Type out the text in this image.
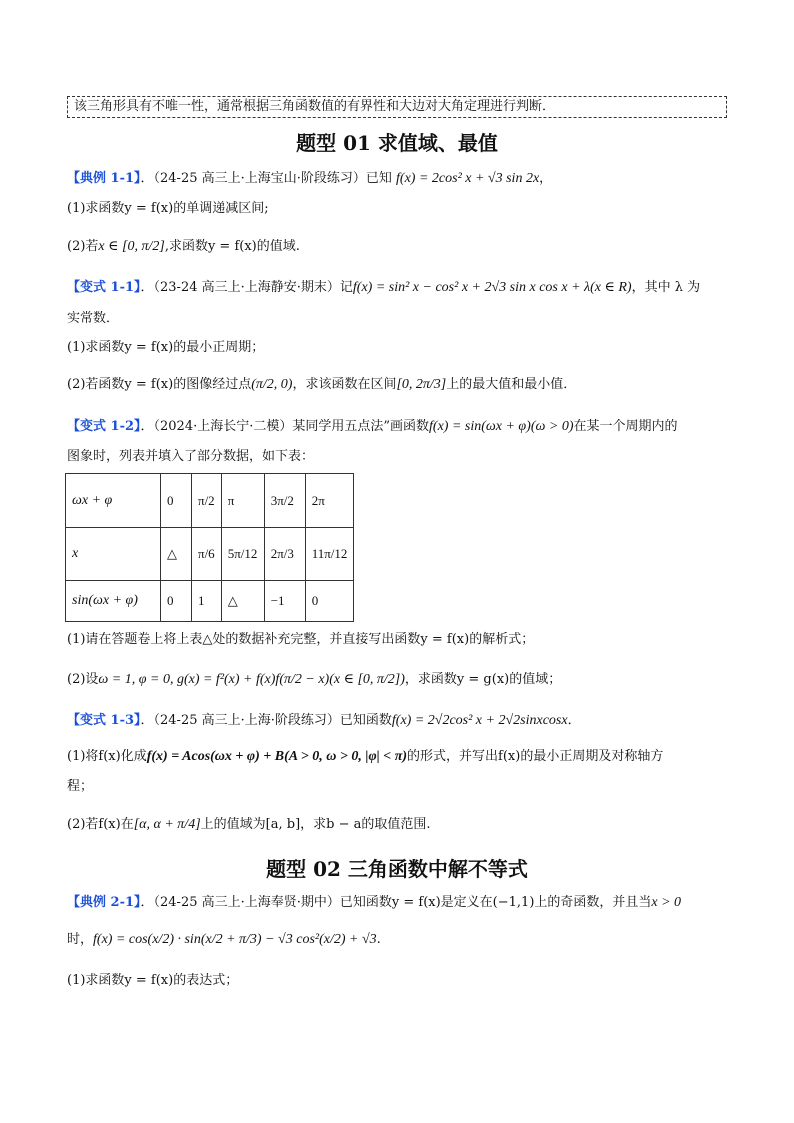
该三角形具有不唯一性，通常根据三角函数值的有界性和大边对大角定理进行判断．
题型 01 求值域、最值
【典例 1-1】．（24-25 高三上·上海宝山·阶段练习）已知 f(x) = 2cos² x + √3 sin 2x，
(1)求函数y = f(x)的单调递减区间;
(2)若x ∈ [0, π/2],求函数y = f(x)的值域.
【变式 1-1】．（23-24 高三上·上海静安·期末）记f(x) = sin² x − cos² x + 2√3 sin x cos x + λ(x ∈ R)，其中 λ 为
实常数．
(1)求函数y = f(x)的最小正周期；
(2)若函数y = f(x)的图像经过点(π/2, 0)，求该函数在区间[0, 2π/3]上的最大值和最小值．
【变式 1-2】．（2024·上海长宁·二模）某同学用五点法”画函数f(x) = sin(ωx + φ)(ω > 0)在某一个周期内的
图象时，列表并填入了部分数据，如下表：
ωx + φ	0	π/2	π	3π/2	2π
x	△	π/6	5π/12	2π/3	11π/12
sin(ωx + φ)	0	1	△	−1	0
(1)请在答题卷上将上表△处的数据补充完整，并直接写出函数y = f(x)的解析式；
(2)设ω = 1, φ = 0, g(x) = f²(x) + f(x)f(π/2 − x)(x ∈ [0, π/2])，求函数y = g(x)的值域；
【变式 1-3】．（24-25 高三上·上海·阶段练习）已知函数f(x) = 2√2cos² x + 2√2sinxcosx．
(1)将f(x)化成f(x) = Acos(ωx + φ) + B(A > 0, ω > 0, |φ| < π)的形式，并写出f(x)的最小正周期及对称轴方
程；
(2)若f(x)在[α, α + π/4]上的值域为[a, b]，求b − a的取值范围.
题型 02 三角函数中解不等式
【典例 2-1】．（24-25 高三上·上海奉贤·期中）已知函数y = f(x)是定义在(−1,1)上的奇函数，并且当x > 0
时，f(x) = cos(x/2) · sin(x/2 + π/3) − √3 cos²(x/2) + √3.
(1)求函数y = f(x)的表达式；
